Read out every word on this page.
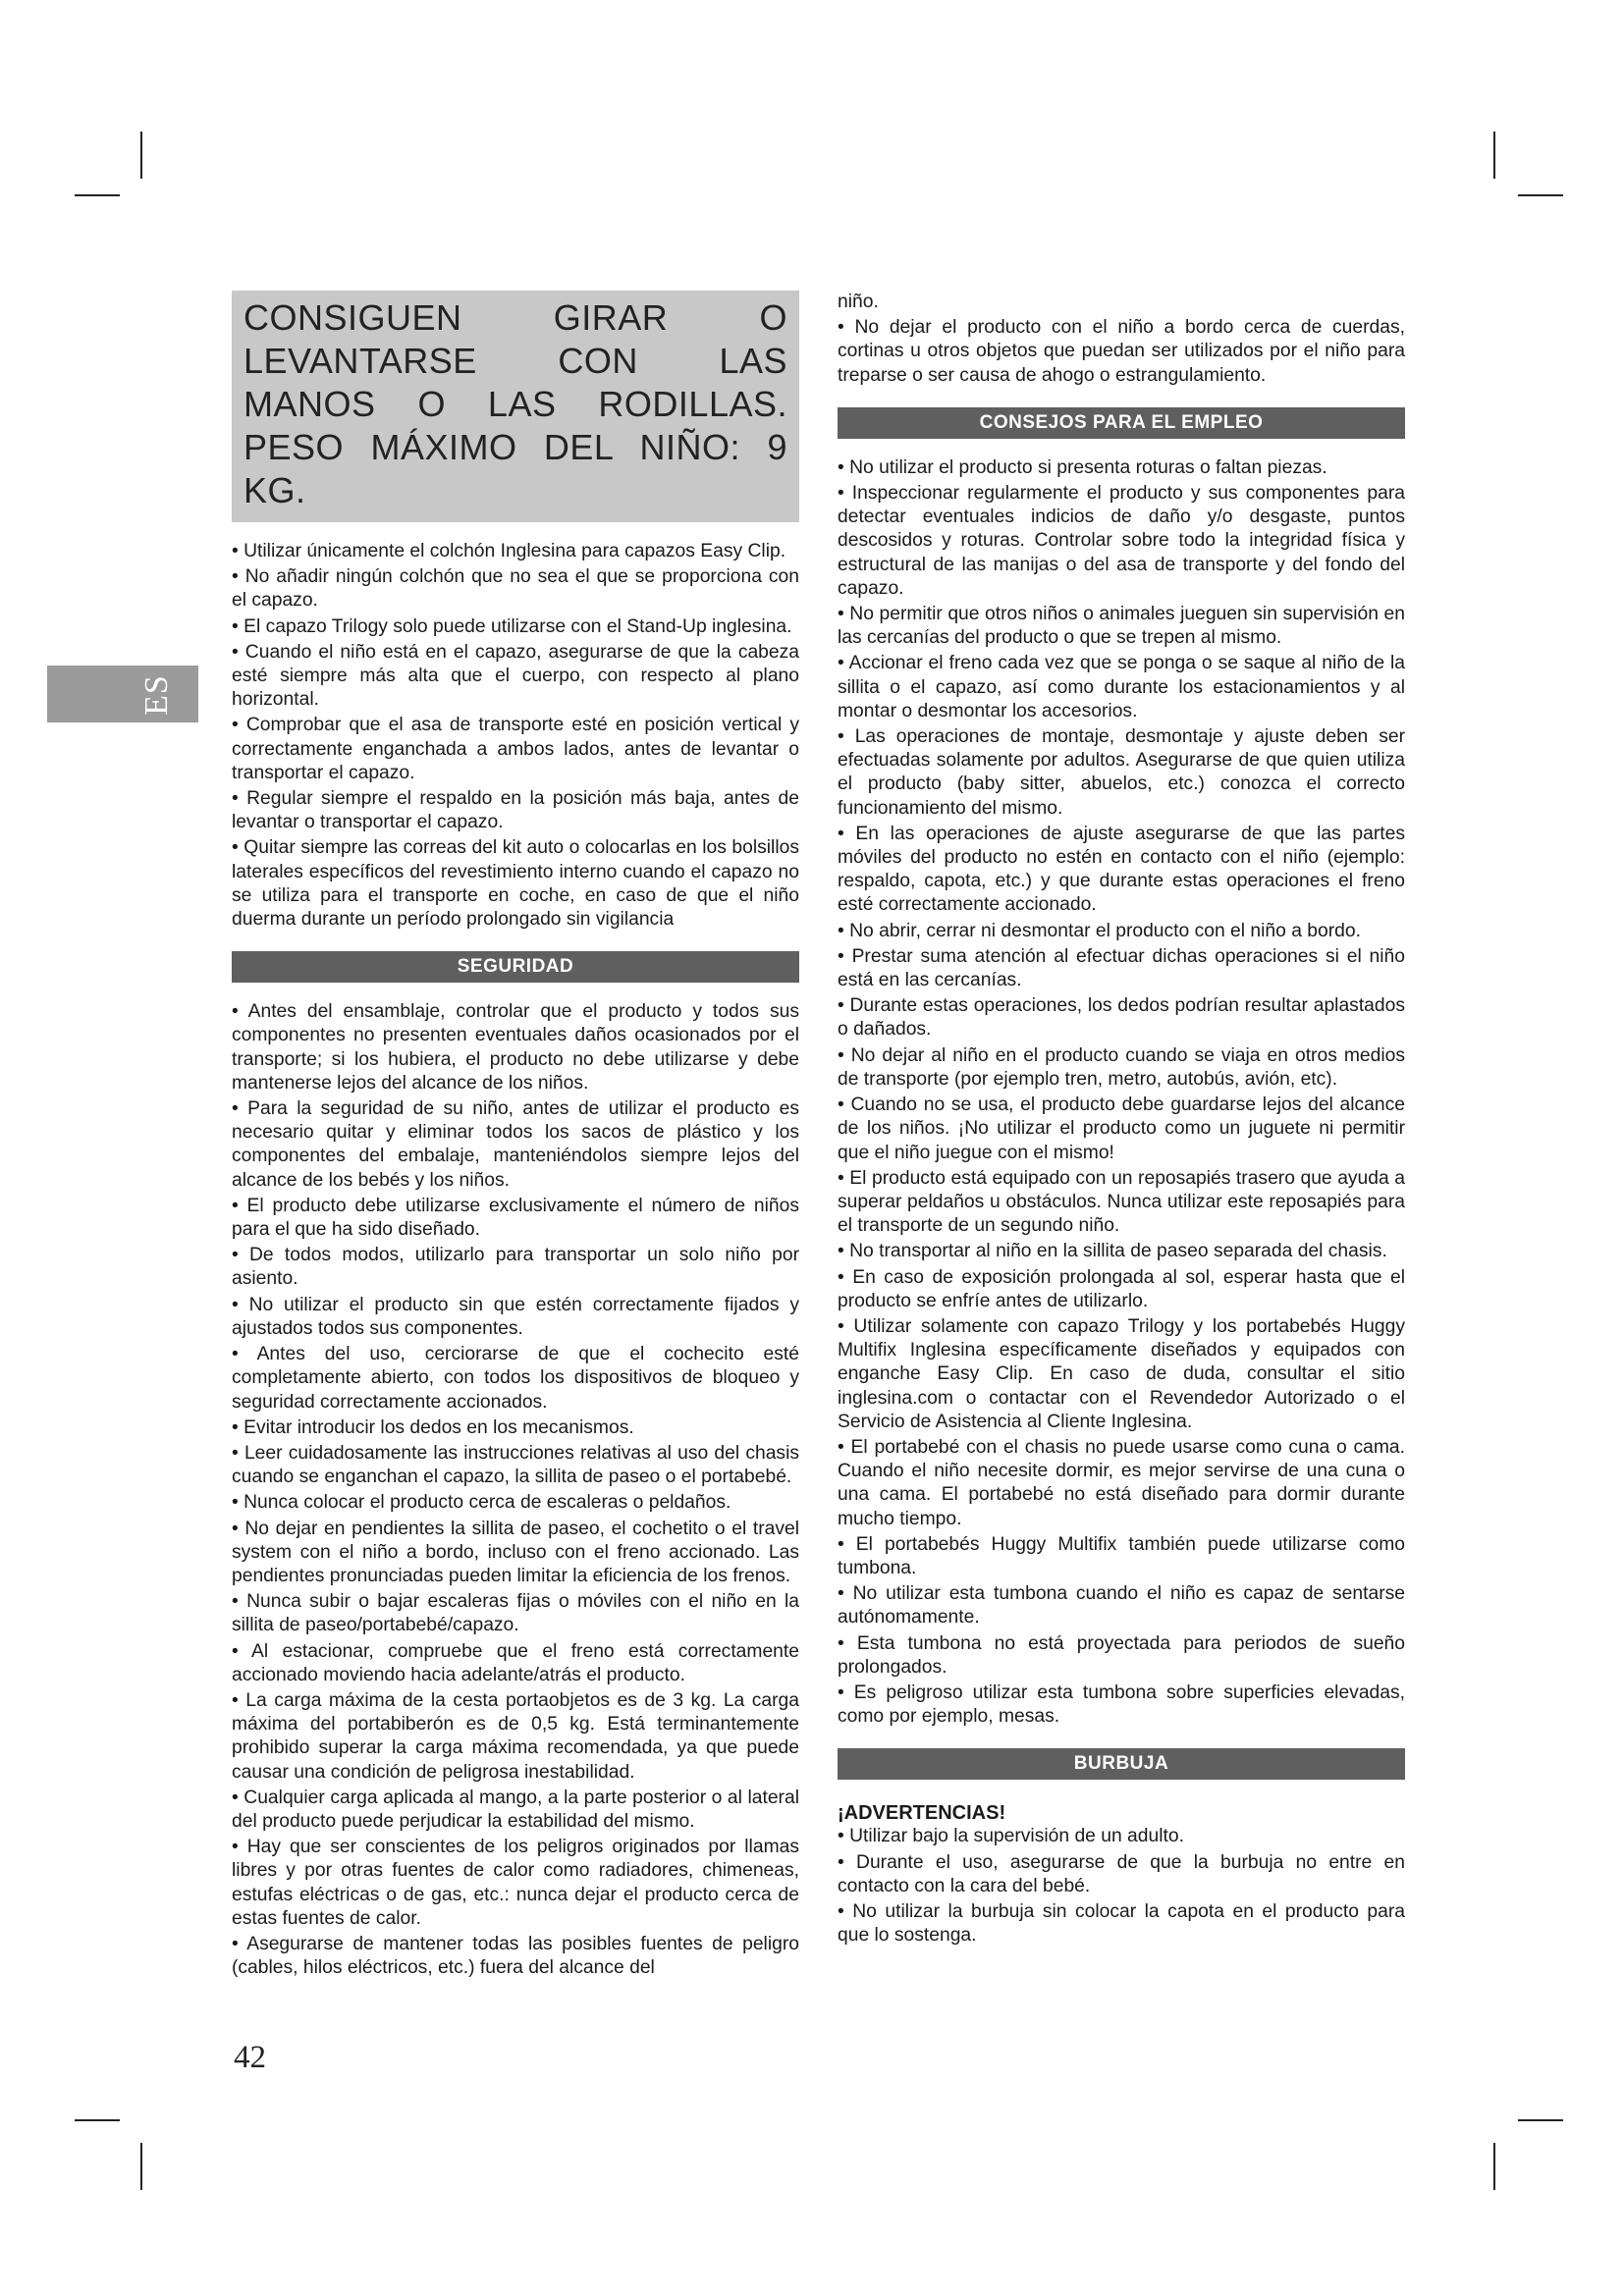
ES
CONSIGUEN GIRAR O LEVANTARSE CON LAS MANOS O LAS RODILLAS. PESO MÁXIMO DEL NIÑO: 9 KG.

• Utilizar únicamente el colchón Inglesina para capazos Easy Clip.

• No añadir ningún colchón que no sea el que se proporciona con el capazo.

• El capazo Trilogy solo puede utilizarse con el Stand-Up inglesina.

• Cuando el niño está en el capazo, asegurarse de que la cabeza esté siempre más alta que el cuerpo, con respecto al plano horizontal.

• Comprobar que el asa de transporte esté en posición vertical y correctamente enganchada a ambos lados, antes de levantar o transportar el capazo.

• Regular siempre el respaldo en la posición más baja, antes de levantar o transportar el capazo.

• Quitar siempre las correas del kit auto o colocarlas en los bolsillos laterales específicos del revestimiento interno cuando el capazo no se utiliza para el transporte en coche, en caso de que el niño duerma durante un período prolongado sin vigilancia

SEGURIDAD

• Antes del ensamblaje, controlar que el producto y todos sus componentes no presenten eventuales daños ocasionados por el transporte; si los hubiera, el producto no debe utilizarse y debe mantenerse lejos del alcance de los niños.

• Para la seguridad de su niño, antes de utilizar el producto es necesario quitar y eliminar todos los sacos de plástico y los componentes del embalaje, manteniéndolos siempre lejos del alcance de los bebés y los niños.

• El producto debe utilizarse exclusivamente el número de niños para el que ha sido diseñado.

• De todos modos, utilizarlo para transportar un solo niño por asiento.

• No utilizar el producto sin que estén correctamente fijados y ajustados todos sus componentes.

• Antes del uso, cerciorarse de que el cochecito esté completamente abierto, con todos los dispositivos de bloqueo y seguridad correctamente accionados.

• Evitar introducir los dedos en los mecanismos.

• Leer cuidadosamente las instrucciones relativas al uso del chasis cuando se enganchan el capazo, la sillita de paseo o el portabebé.

• Nunca colocar el producto cerca de escaleras o peldaños.

• No dejar en pendientes la sillita de paseo, el cochetito o el travel system con el niño a bordo, incluso con el freno accionado. Las pendientes pronunciadas pueden limitar la eficiencia de los frenos.

• Nunca subir o bajar escaleras fijas o móviles con el niño en la sillita de paseo/portabebé/capazo.

• Al estacionar, compruebe que el freno está correctamente accionado moviendo hacia adelante/atrás el producto.

• La carga máxima de la cesta portaobjetos es de 3 kg. La carga máxima del portabiberón es de 0,5 kg. Está terminantemente prohibido superar la carga máxima recomendada, ya que puede causar una condición de peligrosa inestabilidad.

• Cualquier carga aplicada al mango, a la parte posterior o al lateral del producto puede perjudicar la estabilidad del mismo.

• Hay que ser conscientes de los peligros originados por llamas libres y por otras fuentes de calor como radiadores, chimeneas, estufas eléctricas o de gas, etc.: nunca dejar el producto cerca de estas fuentes de calor.

• Asegurarse de mantener todas las posibles fuentes de peligro (cables, hilos eléctricos, etc.) fuera del alcance del

niño.

• No dejar el producto con el niño a bordo cerca de cuerdas, cortinas u otros objetos que puedan ser utilizados por el niño para treparse o ser causa de ahogo o estrangulamiento.

CONSEJOS PARA EL EMPLEO

• No utilizar el producto si presenta roturas o faltan piezas.

• Inspeccionar regularmente el producto y sus componentes para detectar eventuales indicios de daño y/o desgaste, puntos descosidos y roturas. Controlar sobre todo la integridad física y estructural de las manijas o del asa de transporte y del fondo del capazo.

• No permitir que otros niños o animales jueguen sin supervisión en las cercanías del producto o que se trepen al mismo.

• Accionar el freno cada vez que se ponga o se saque al niño de la sillita o el capazo, así como durante los estacionamientos y al montar o desmontar los accesorios.

• Las operaciones de montaje, desmontaje y ajuste deben ser efectuadas solamente por adultos. Asegurarse de que quien utiliza el producto (baby sitter, abuelos, etc.) conozca el correcto funcionamiento del mismo.

• En las operaciones de ajuste asegurarse de que las partes móviles del producto no estén en contacto con el niño (ejemplo: respaldo, capota, etc.) y que durante estas operaciones el freno esté correctamente accionado.

• No abrir, cerrar ni desmontar el producto con el niño a bordo.

• Prestar suma atención al efectuar dichas operaciones si el niño está en las cercanías.

• Durante estas operaciones, los dedos podrían resultar aplastados o dañados.

• No dejar al niño en el producto cuando se viaja en otros medios de transporte (por ejemplo tren, metro, autobús, avión, etc).

• Cuando no se usa, el producto debe guardarse lejos del alcance de los niños. ¡No utilizar el producto como un juguete ni permitir que el niño juegue con el mismo!

• El producto está equipado con un reposapiés trasero que ayuda a superar peldaños u obstáculos. Nunca utilizar este reposapiés para el transporte de un segundo niño.

• No transportar al niño en la sillita de paseo separada del chasis.

• En caso de exposición prolongada al sol, esperar hasta que el producto se enfríe antes de utilizarlo.

• Utilizar solamente con capazo Trilogy y los portabebés Huggy Multifix Inglesina específicamente diseñados y equipados con enganche Easy Clip. En caso de duda, consultar el sitio inglesina.com o contactar con el Revendedor Autorizado o el Servicio de Asistencia al Cliente Inglesina.

• El portabebé con el chasis no puede usarse como cuna o cama. Cuando el niño necesite dormir, es mejor servirse de una cuna o una cama. El portabebé no está diseñado para dormir durante mucho tiempo.

• El portabebés Huggy Multifix también puede utilizarse como tumbona.

• No utilizar esta tumbona cuando el niño es capaz de sentarse autónomamente.

• Esta tumbona no está proyectada para periodos de sueño prolongados.

• Es peligroso utilizar esta tumbona sobre superficies elevadas, como por ejemplo, mesas.

BURBUJA

¡ADVERTENCIAS!

• Utilizar bajo la supervisión de un adulto.

• Durante el uso, asegurarse de que la burbuja no entre en contacto con la cara del bebé.

• No utilizar la burbuja sin colocar la capota en el producto para que lo sostenga.

42
